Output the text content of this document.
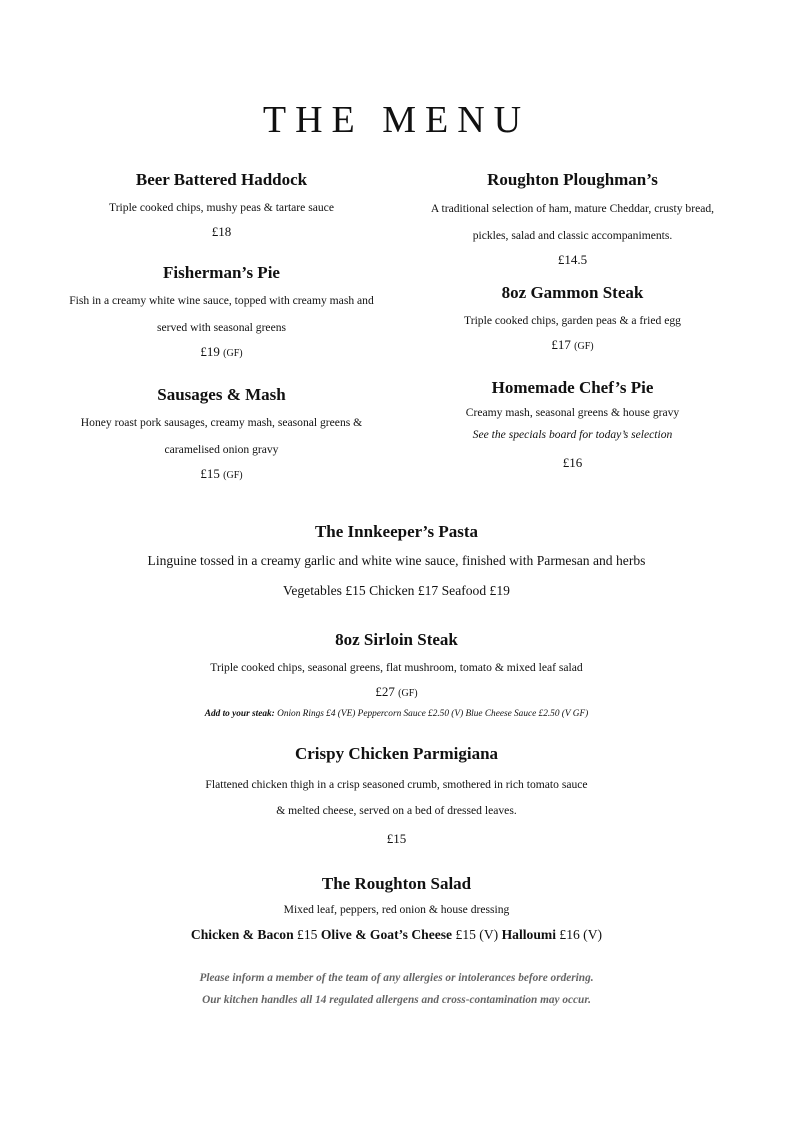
THE MENU
Beer Battered Haddock
Triple cooked chips, mushy peas & tartare sauce
£18
Fisherman’s Pie
Fish in a creamy white wine sauce, topped with creamy mash and
served with seasonal greens
£19 (GF)
Sausages & Mash
Honey roast pork sausages, creamy mash, seasonal greens &
caramelised onion gravy
£15 (GF)
Roughton Ploughman’s
A traditional selection of ham, mature Cheddar, crusty bread,
pickles, salad and classic accompaniments.
£14.5
8oz Gammon Steak
Triple cooked chips, garden peas & a fried egg
£17 (GF)
Homemade Chef’s Pie
Creamy mash, seasonal greens & house gravy
See the specials board for today’s selection
£16
The Innkeeper’s Pasta
Linguine tossed in a creamy garlic and white wine sauce, finished with Parmesan and herbs
Vegetables £15 Chicken £17 Seafood £19
8oz Sirloin Steak
Triple cooked chips, seasonal greens, flat mushroom, tomato & mixed leaf salad
£27 (GF)
Add to your steak: Onion Rings £4 (VE) Peppercorn Sauce £2.50 (V) Blue Cheese Sauce £2.50 (V GF)
Crispy Chicken Parmigiana
Flattened chicken thigh in a crisp seasoned crumb, smothered in rich tomato sauce
& melted cheese, served on a bed of dressed leaves.
£15
The Roughton Salad
Mixed leaf, peppers, red onion & house dressing
Chicken & Bacon £15 Olive & Goat’s Cheese £15 (V) Halloumi £16 (V)
Please inform a member of the team of any allergies or intolerances before ordering.
Our kitchen handles all 14 regulated allergens and cross-contamination may occur.
